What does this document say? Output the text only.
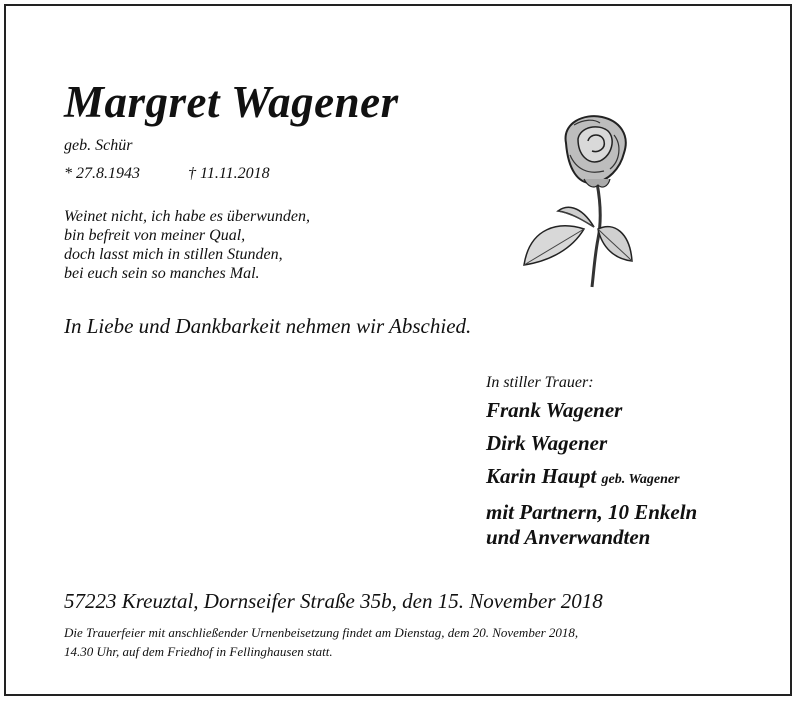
Margret Wagener
geb. Schür
* 27.8.1943	† 11.11.2018
Weinet nicht, ich habe es überwunden,
bin befreit von meiner Qual,
doch lasst mich in stillen Stunden,
bei euch sein so manches Mal.
In Liebe und Dankbarkeit nehmen wir Abschied.
In stiller Trauer:
Frank Wagener
Dirk Wagener
Karin Haupt geb. Wagener
mit Partnern, 10 Enkeln
und Anverwandten
57223 Kreuztal, Dornseifer Straße 35b, den 15. November 2018
Die Trauerfeier mit anschließender Urnenbeisetzung findet am Dienstag, dem 20. November 2018,
14.30 Uhr, auf dem Friedhof in Fellinghausen statt.
